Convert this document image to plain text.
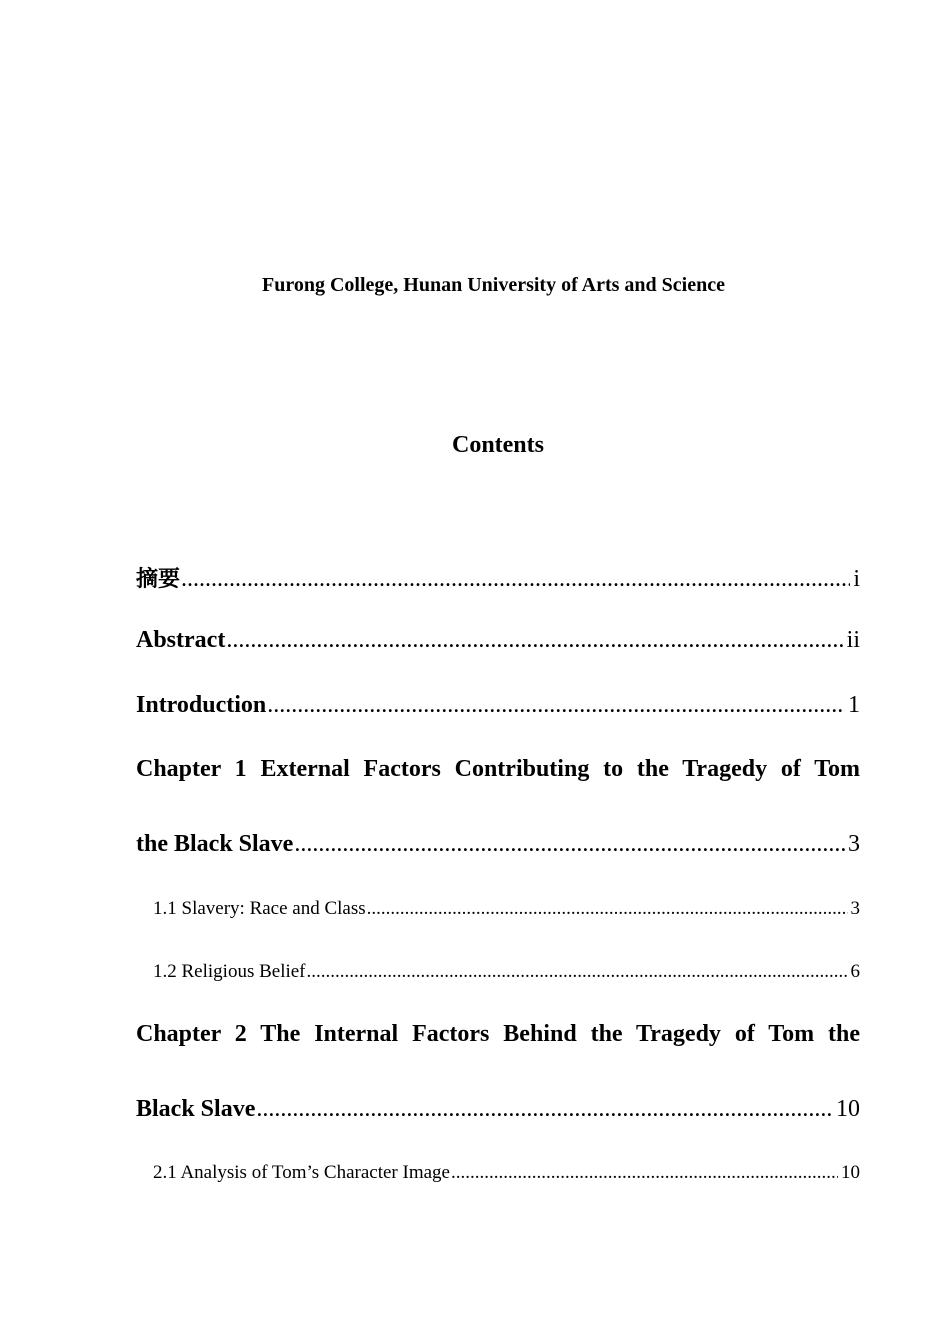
Furong College, Hunan University of Arts and Science
Contents
摘要 .....	i
Abstract .....	ii
Introduction .....	1
Chapter 1 External Factors Contributing to the Tragedy of Tom
the Black Slave .....	3
1.1 Slavery: Race and Class .....	3
1.2 Religious Belief .....	6
Chapter 2 The Internal Factors Behind the Tragedy of Tom the
Black Slave .....	10
2.1 Analysis of Tom’s Character Image .....	10
